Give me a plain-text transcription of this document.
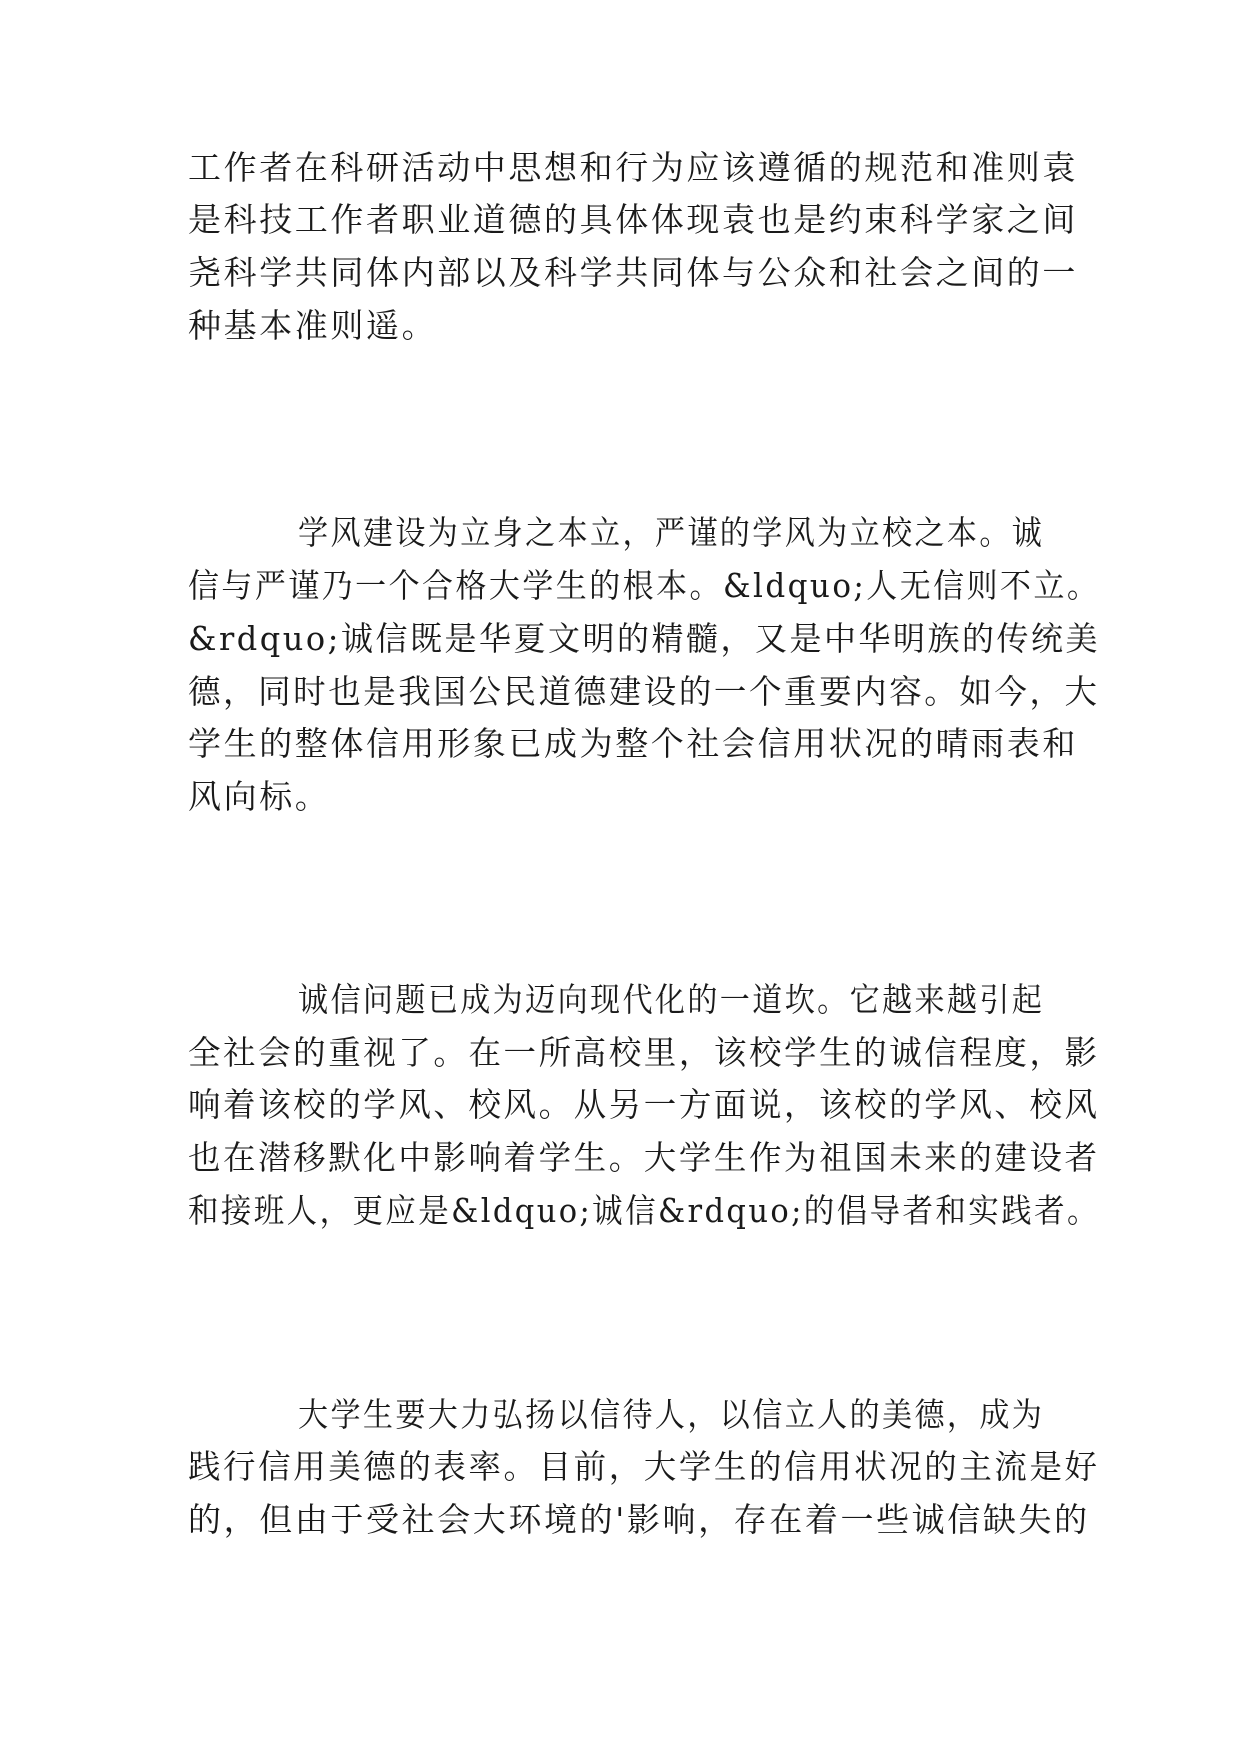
工作者在科研活动中思想和行为应该遵循的规范和准则袁
是科技工作者职业道德的具体体现袁也是约束科学家之间
尧科学共同体内部以及科学共同体与公众和社会之间的一
种基本准则遥。
学风建设为立身之本立，严谨的学风为立校之本。诚
信与严谨乃一个合格大学生的根本。&ldquo;人无信则不立。
&rdquo;诚信既是华夏文明的精髓，又是中华明族的传统美
德，同时也是我国公民道德建设的一个重要内容。如今，大
学生的整体信用形象已成为整个社会信用状况的晴雨表和
风向标。
诚信问题已成为迈向现代化的一道坎。它越来越引起
全社会的重视了。在一所高校里，该校学生的诚信程度，影
响着该校的学风、校风。从另一方面说，该校的学风、校风
也在潜移默化中影响着学生。大学生作为祖国未来的建设者
和接班人，更应是&ldquo;诚信&rdquo;的倡导者和实践者。
大学生要大力弘扬以信待人，以信立人的美德，成为
践行信用美德的表率。目前，大学生的信用状况的主流是好
的，但由于受社会大环境的'影响，存在着一些诚信缺失的
